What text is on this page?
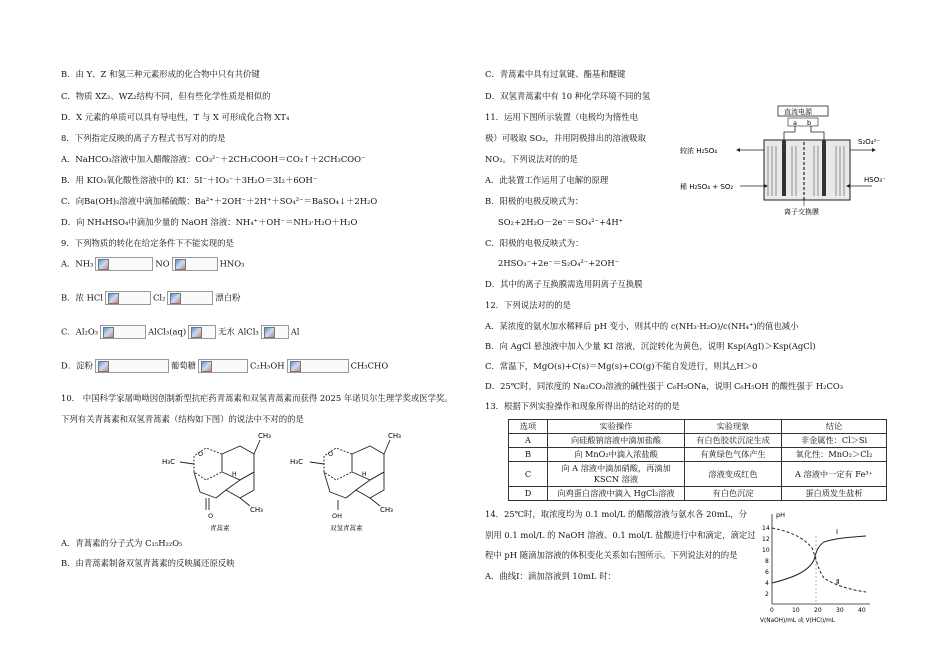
B．由 Y、Z 和氢三种元素形成的化合物中只有共价键
C．物质 XZ₂、WZ₂结构不同，但有些化学性质是相似的
D．X 元素的单质可以具有导电性，T 与 X 可形成化合物 XT₄
8．下列指定反映的离子方程式书写对的的是
A．NaHCO₃溶液中加入醋酸溶液：CO₃²⁻＋2CH₃COOH＝CO₂↑＋2CH₃COO⁻
B．用 KIO₃氧化酸性溶液中的 KI：5I⁻＋IO₃⁻＋3H₂O＝3I₂＋6OH⁻
C．向Ba(OH)₂溶液中滴加稀硫酸：Ba²⁺＋2OH⁻＋2H⁺＋SO₄²⁻＝BaSO₄↓＋2H₂O
D．向 NH₄HSO₄中滴加少量的 NaOH 溶液：NH₄⁺＋OH⁻＝NH₃·H₂O＋H₂O
9．下列物质的转化在给定条件下不能实现的是
A．NH₃	NO	HNO₃
B．浓 HCl	Cl₂	漂白粉
C．Al₂O₃	AlCl₃(aq)	无水 AlCl₃	Al
D．淀粉	葡萄糖	C₂H₅OH	CH₃CHO
10.　中国科学家屠呦呦因创制新型抗疟药青蒿素和双氢青蒿素而获得 2025 年诺贝尔生理学奖或医学奖。
下列有关青蒿素和双氢青蒿素（结构如下图）的说法中不对的的是
CH₃
H₃C
O
O
H
CH₃
青蒿素
CH₃
H₃C
O
OH
H
CH₃
双氢青蒿素
A．青蒿素的分子式为 C₁₅H₂₂O₅
B．由青蒿素制备双氢青蒿素的反映属还原反映
C．青蒿素中具有过氧键、酯基和醚键
D．双氢青蒿素中有 10 种化学环境不同的氢
11．运用下图所示装置（电极均为惰性电
极）可吸取 SO₂，并用阴极排出的溶液吸取
NO₂。下列说法对的的是
A．此装置工作运用了电解的原理
B．阳极的电极反映式为：
SO₂+2H₂O－2e⁻＝SO₄²⁻+4H⁺
C．阳极的电极反映式为：
2HSO₃⁻+2e⁻＝S₂O₄²⁻+2OH⁻
D．其中的离子互换膜需选用阴离子互换膜
直流电源
a b
较浓 H₂SO₄
稀 H₂SO₄ + SO₂
S₂O₄²⁻
HSO₃⁻
离子交换膜
12．下列说法对的的是
A．某浓度的氨水加水稀释后 pH 变小，则其中的 c(NH₃·H₂O)/c(NH₄⁺)的值也减小
B．向 AgCl 悬浊液中加入少量 KI 溶液，沉淀转化为黄色，说明 Ksp(AgI)＞Ksp(AgCl)
C．常温下，MgO(s)+C(s)＝Mg(s)+CO(g)不能自发进行，则其△H＞0
D．25℃时，同浓度的 Na₂CO₃溶液的碱性强于 C₆H₅ONa，说明 C₆H₅OH 的酸性强于 H₂CO₃
13．根据下列实验操作和现象所得出的结论对的的是
选项	实验操作	实验现象	结论
A	向硅酸钠溶液中滴加盐酸	有白色胶状沉淀生成	非金属性：Cl＞Si
B	向 MnO₂中滴入浓盐酸	有黄绿色气体产生	氧化性：MnO₂＞Cl₂
C	向 A 溶液中滴加硝酸，再滴加
KSCN 溶液	溶液变成红色	A 溶液中一定有 Fe³⁺
D	向鸡蛋白溶液中滴入 HgCl₂溶液	有白色沉淀	蛋白质发生盐析
14．25℃时，取浓度均为 0.1 mol/L 的醋酸溶液与氨水各 20mL，分
别用 0.1 mol/L 的 NaOH 溶液、0.1 mol/L 盐酸进行中和滴定，滴定过
程中 pH 随滴加溶液的体积变化关系如右图所示。下列说法对的的是
A．曲线Ⅰ：滴加溶液到 10mL 时：
pH
14
12
10
8
6
4
2
0	10 20 30 40
Ⅰ
Ⅱ
V(NaOH)/mL 或 V(HCl)/mL
